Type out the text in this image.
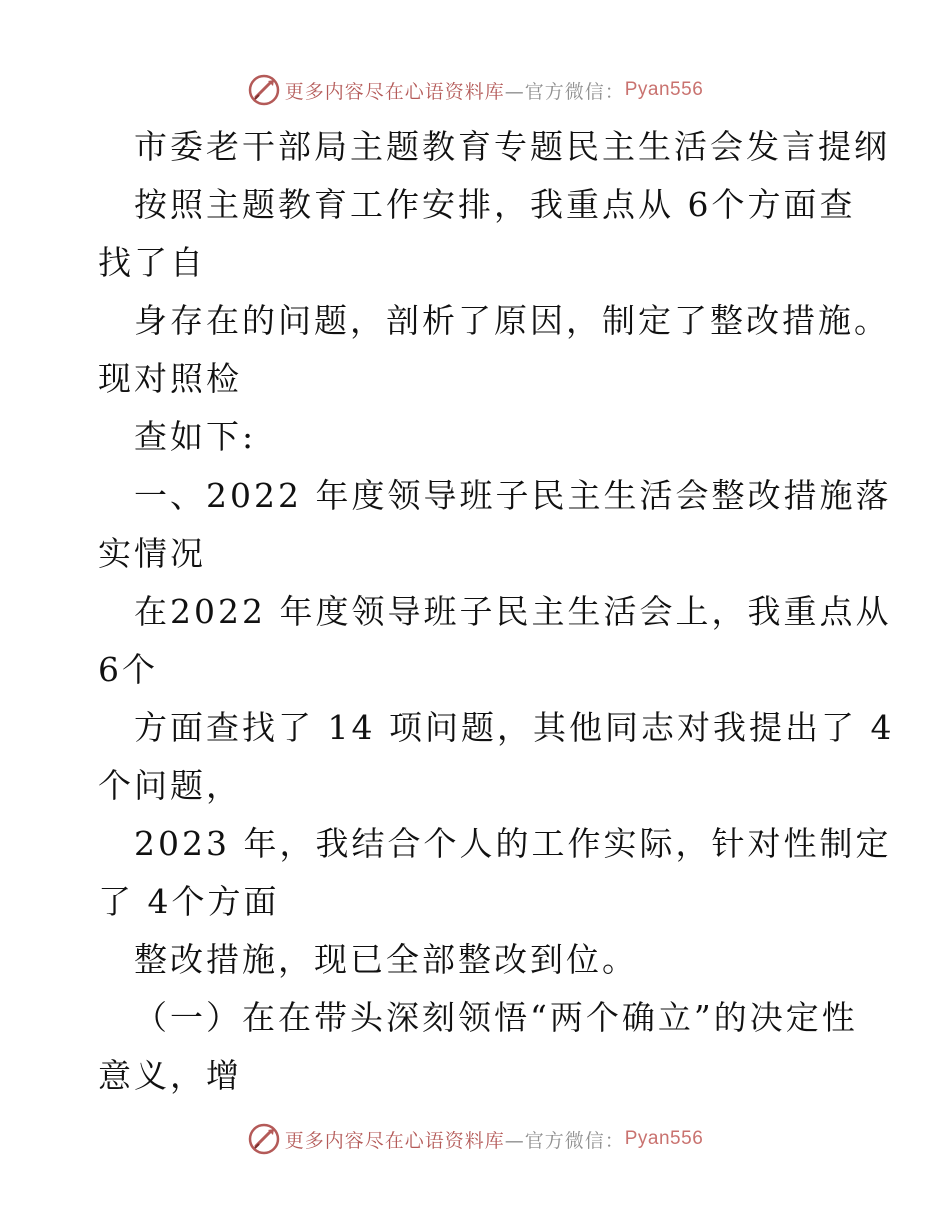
更多内容尽在心语资料库 —官方微信： Pyan556
市委老干部局主题教育专题民主生活会发言提纲
按照主题教育工作安排，我重点从 6个方面查
找了自
身存在的问题，剖析了原因，制定了整改措施。
现对照检
查如下:
一、2022 年度领导班子民主生活会整改措施落
实情况
在2022 年度领导班子民主生活会上，我重点从
6个
方面查找了 14 项问题，其他同志对我提出了 4
个问题，
2023 年，我结合个人的工作实际，针对性制定
了 4个方面
整改措施，现已全部整改到位。
（一）在在带头深刻领悟“两个确立”的决定性
意义，增
更多内容尽在心语资料库 —官方微信： Pyan556
